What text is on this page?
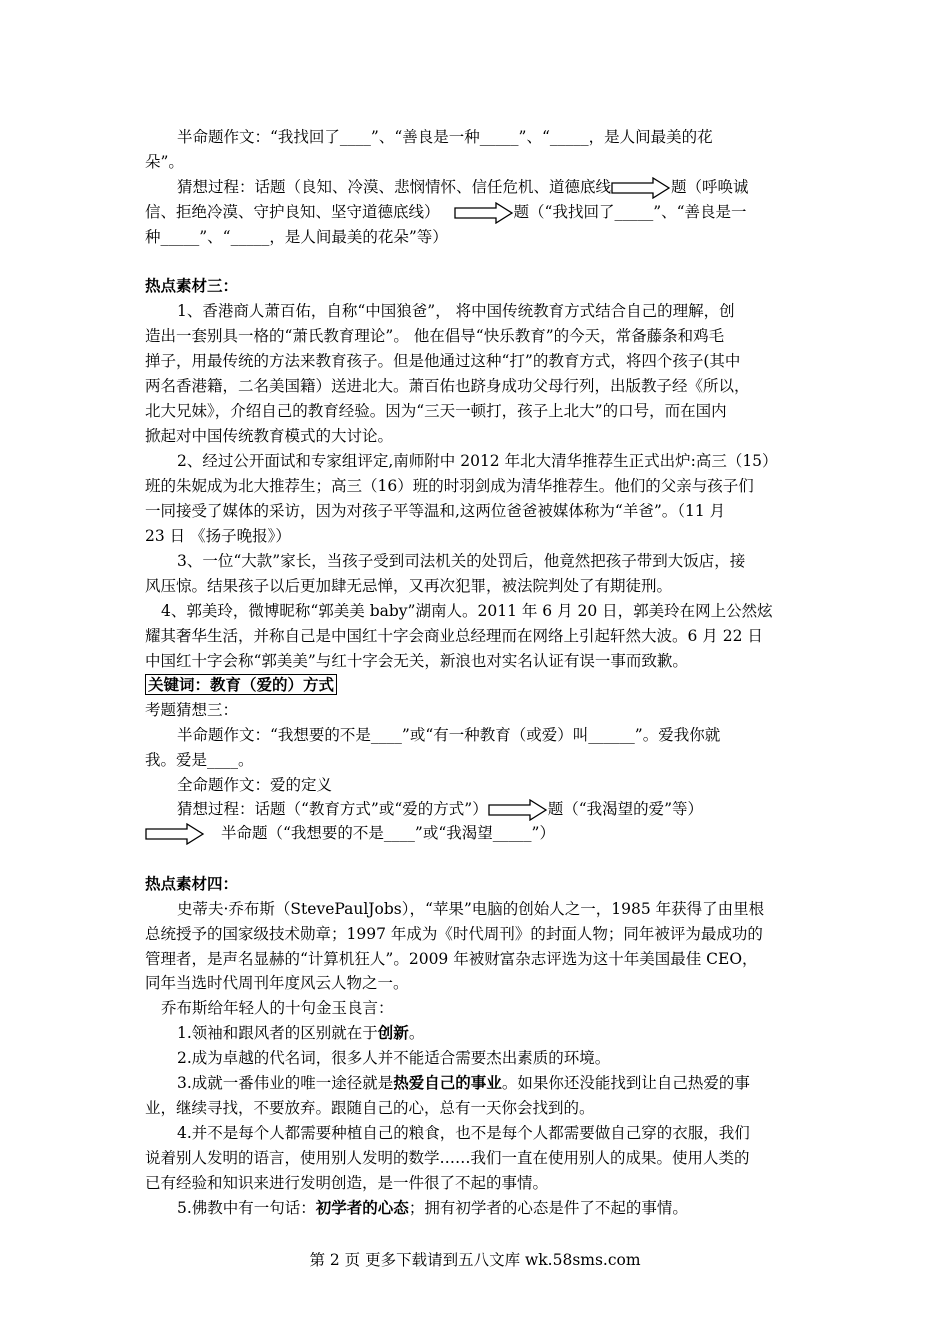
半命题作文：“我找回了____”、“善良是一种_____”、“_____，是人间最美的花
朵”。
猜想过程：话题（良知、冷漠、悲悯情怀、信任危机、道德底线	题（呼唤诚
信、拒绝冷漠、守护良知、坚守道德底线）	题（“我找回了_____”、“善良是一
种_____”、“_____，是人间最美的花朵”等）
热点素材三：
1、香港商人萧百佑，自称“中国狼爸”， 将中国传统教育方式结合自己的理解，创
造出一套别具一格的“萧氏教育理论”。 他在倡导“快乐教育”的今天，常备藤条和鸡毛
掸子，用最传统的方法来教育孩子。但是他通过这种“打”的教育方式，将四个孩子(其中
两名香港籍，二名美国籍）送进北大。萧百佑也跻身成功父母行列，出版教子经《所以，
北大兄妹》，介绍自己的教育经验。因为“三天一顿打，孩子上北大”的口号，而在国内
掀起对中国传统教育模式的大讨论。
2、经过公开面试和专家组评定,南师附中 2012 年北大清华推荐生正式出炉:高三（15）
班的朱妮成为北大推荐生；高三（16）班的时羽剑成为清华推荐生。他们的父亲与孩子们
一同接受了媒体的采访，因为对孩子平等温和,这两位爸爸被媒体称为“羊爸”。（11 月
23 日 《扬子晚报》）
3、一位“大款”家长，当孩子受到司法机关的处罚后，他竟然把孩子带到大饭店，接
风压惊。结果孩子以后更加肆无忌惮，又再次犯罪，被法院判处了有期徒刑。
4、郭美玲，微博昵称“郭美美 baby”湖南人。2011 年 6 月 20 日，郭美玲在网上公然炫
耀其奢华生活，并称自己是中国红十字会商业总经理而在网络上引起轩然大波。6 月 22 日
中国红十字会称“郭美美”与红十字会无关，新浪也对实名认证有误一事而致歉。
关键词：教育（爱的）方式
考题猜想三：
半命题作文：“我想要的不是____”或“有一种教育（或爱）叫______”。爱我你就
我。爱是____。
全命题作文：爱的定义
猜想过程：话题（“教育方式”或“爱的方式”）	题（“我渴望的爱”等）
半命题（“我想要的不是____”或“我渴望_____”）
热点素材四：
史蒂夫·乔布斯（StevePaulJobs），“苹果”电脑的创始人之一，1985 年获得了由里根
总统授予的国家级技术勋章；1997 年成为《时代周刊》的封面人物；同年被评为最成功的
管理者，是声名显赫的“计算机狂人”。2009 年被财富杂志评选为这十年美国最佳 CEO，
同年当选时代周刊年度风云人物之一。
乔布斯给年轻人的十句金玉良言：
1.领袖和跟风者的区别就在于创新。
2.成为卓越的代名词，很多人并不能适合需要杰出素质的环境。
3.成就一番伟业的唯一途径就是热爱自己的事业。如果你还没能找到让自己热爱的事
业，继续寻找，不要放弃。跟随自己的心，总有一天你会找到的。
4.并不是每个人都需要种植自己的粮食，也不是每个人都需要做自己穿的衣服，我们
说着别人发明的语言，使用别人发明的数学……我们一直在使用别人的成果。使用人类的
已有经验和知识来进行发明创造，是一件很了不起的事情。
5.佛教中有一句话：初学者的心态；拥有初学者的心态是件了不起的事情。
第 2 页 更多下载请到五八文库 wk.58sms.com
